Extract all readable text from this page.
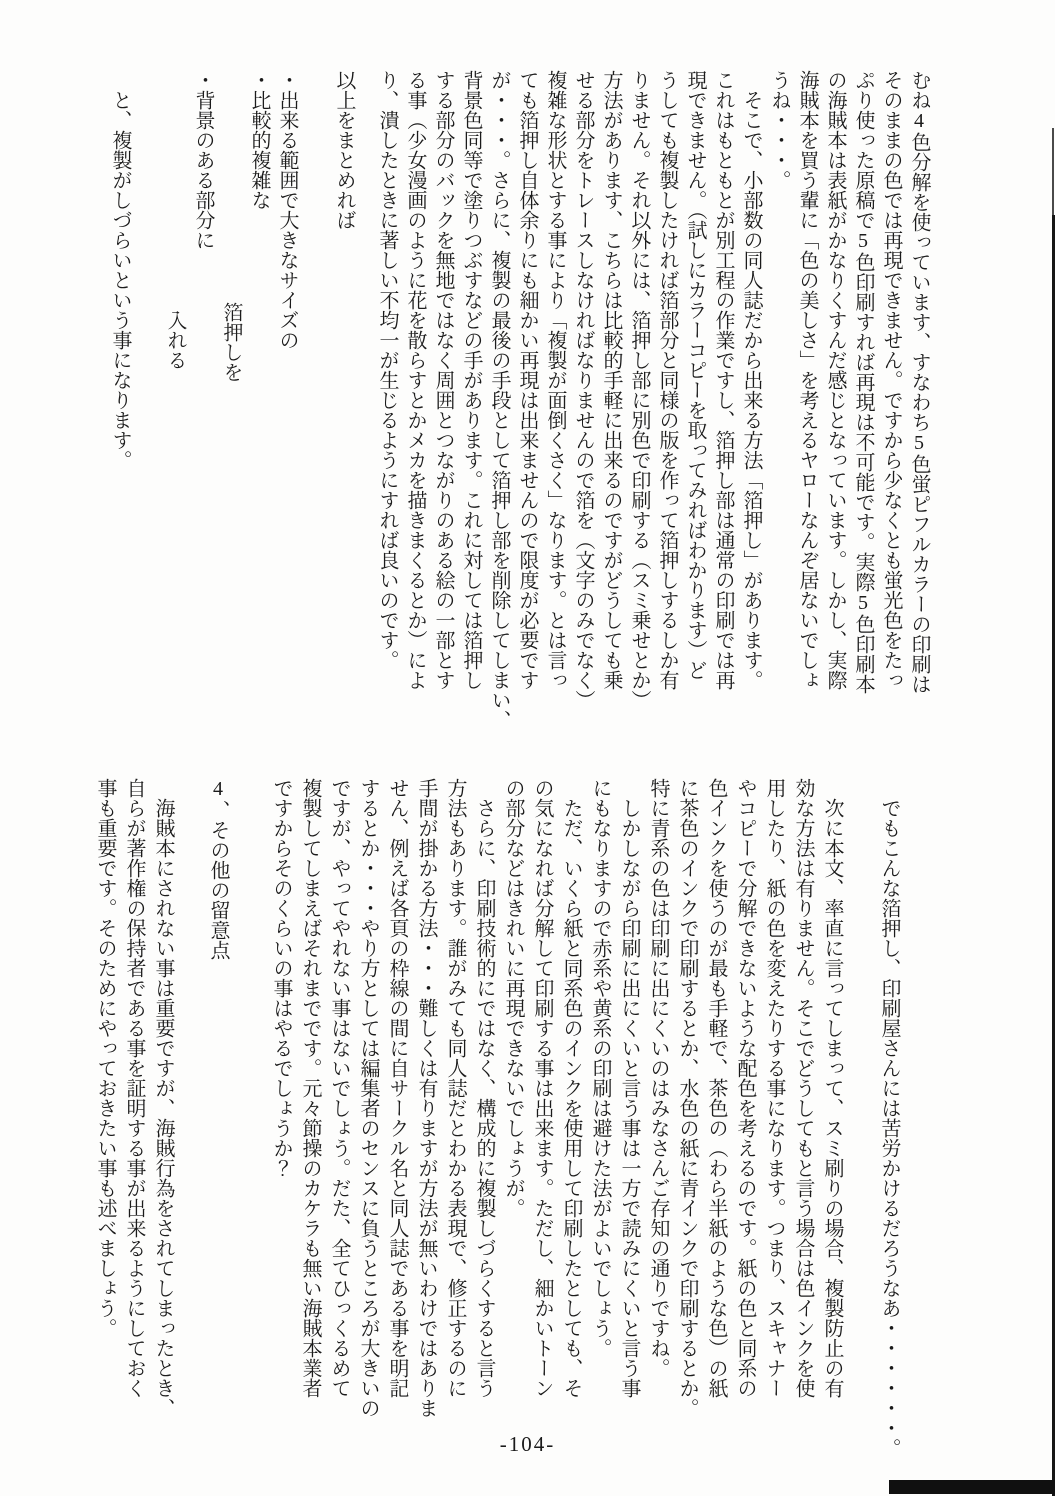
むね4色分解を使っています、すなわち5色蛍ピフルカラーの印刷は
そのままの色では再現できません。ですから少なくとも蛍光色をたっ
ぷり使った原稿で5色印刷すれば再現は不可能です。実際5色印刷本
の海賊本は表紙がかなりくすんだ感じとなっています。しかし、実際
海賊本を買う輩に「色の美しさ」を考えるヤローなんぞ居ないでしょ
うね・・・。
そこで、小部数の同人誌だから出来る方法「箔押し」があります。
これはもともとが別工程の作業ですし、箔押し部は通常の印刷では再
現できません。（試しにカラーコピーを取ってみればわかります）ど
うしても複製したければ箔部分と同様の版を作って箔押しするしか有
りません。それ以外には、箔押し部に別色で印刷する（スミ乗せとか）
方法があります、こちらは比較的手軽に出来るのですがどうしても乗
せる部分をトレースしなければなりませんので箔を（文字のみでなく）
複雑な形状とする事により「複製が面倒くさく」なります。とは言っ
ても箔押し自体余りにも細かい再現は出来ませんので限度が必要です
が・・・。さらに、複製の最後の手段として箔押し部を削除してしまい、
背景色同等で塗りつぶすなどの手があります。これに対しては箔押し
する部分のバックを無地ではなく周囲とつながりのある絵の一部とす
る事（少女漫画のように花を散らすとかメカを描きまくるとか）によ
り、潰したときに著しい不均一が生じるようにすれば良いのです。
以上をまとめれば
・出来る範囲で大きなサイズの
・比較的複雑な
箔押しを
・背景のある部分に
入れる
と、複製がしづらいという事になります。
でもこんな箔押し、印刷屋さんには苦労かけるだろうなあ・・・・・・。
次に本文、率直に言ってしまって、スミ刷りの場合、複製防止の有
効な方法は有りません。そこでどうしてもと言う場合は色インクを使
用したり、紙の色を変えたりする事になります。つまり、スキャナー
やコピーで分解できないような配色を考えるのです。紙の色と同系の
色インクを使うのが最も手軽で、茶色の（わら半紙のような色）の紙
に茶色のインクで印刷するとか、水色の紙に青インクで印刷するとか。
特に青系の色は印刷に出にくいのはみなさんご存知の通りですね。
しかしながら印刷に出にくいと言う事は一方で読みにくいと言う事
にもなりますので赤系や黄系の印刷は避けた法がよいでしょう。
ただ、いくら紙と同系色のインクを使用して印刷したとしても、そ
の気になれば分解して印刷する事は出来ます。ただし、細かいトーン
の部分などはきれいに再現できないでしょうが。
さらに、印刷技術的にではなく、構成的に複製しづらくすると言う
方法もあります。誰がみても同人誌だとわかる表現で、修正するのに
手間が掛かる方法・・・難しくは有りますが方法が無いわけではありま
せん、例えば各頁の枠線の間に自サークル名と同人誌である事を明記
するとか・・・やり方としては編集者のセンスに負うところが大きいの
ですが、やってやれない事はないでしょう。だた、全てひっくるめて
複製してしまえばそれまでです。元々節操のカケラも無い海賊本業者
ですからそのくらいの事はやるでしょうか？
4、その他の留意点
海賊本にされない事は重要ですが、海賊行為をされてしまったとき、
自らが著作権の保持者である事を証明する事が出来るようにしておく
事も重要です。そのためにやっておきたい事も述べましょう。
-104-
